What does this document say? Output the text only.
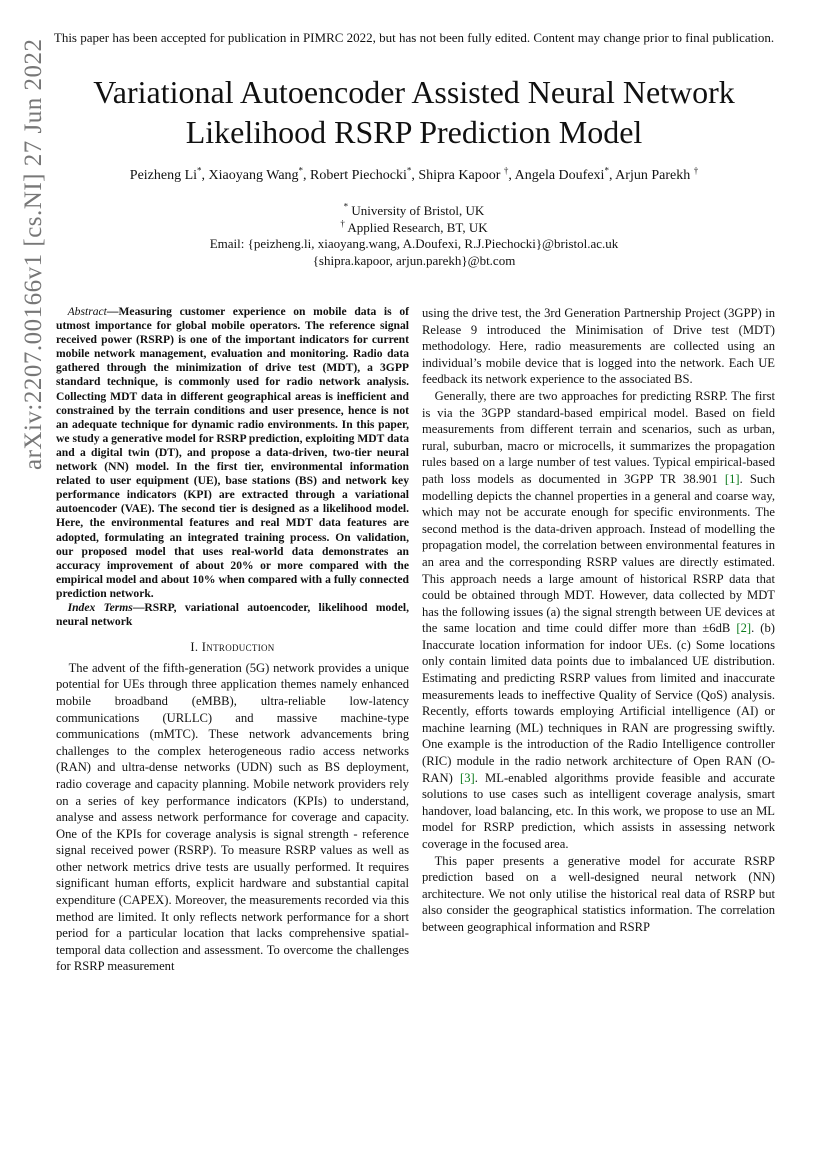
This paper has been accepted for publication in PIMRC 2022, but has not been fully edited. Content may change prior to final publication.
Variational Autoencoder Assisted Neural Network
Likelihood RSRP Prediction Model
Peizheng Li*, Xiaoyang Wang*, Robert Piechocki*, Shipra Kapoor †, Angela Doufexi*, Arjun Parekh †
* University of Bristol, UK
† Applied Research, BT, UK
Email: {peizheng.li, xiaoyang.wang, A.Doufexi, R.J.Piechocki}@bristol.ac.uk
{shipra.kapoor, arjun.parekh}@bt.com
arXiv:2207.00166v1 [cs.NI] 27 Jun 2022	Abstract—Measuring customer experience on mobile data is of utmost importance for global mobile operators. The reference signal received power (RSRP) is one of the important indicators for current mobile network management, evaluation and monitoring. Radio data gathered through the minimization of drive test (MDT), a 3GPP standard technique, is commonly used for radio network analysis. Collecting MDT data in different geographical areas is inefficient and constrained by the terrain conditions and user presence, hence is not an adequate technique for dynamic radio environments. In this paper, we study a generative model for RSRP prediction, exploiting MDT data and a digital twin (DT), and propose a data-driven, two-tier neural network (NN) model. In the first tier, environmental information related to user equipment (UE), base stations (BS) and network key performance indicators (KPI) are extracted through a variational autoencoder (VAE). The second tier is designed as a likelihood model. Here, the environmental features and real MDT data features are adopted, formulating an integrated training process. On validation, our proposed model that uses real-world data demonstrates an accuracy improvement of about 20% or more compared with the empirical model and about 10% when compared with a fully connected prediction network.

Index Terms—RSRP, variational autoencoder, likelihood model, neural network

I. Introduction

The advent of the fifth-generation (5G) network provides a unique potential for UEs through three application themes namely enhanced mobile broadband (eMBB), ultra-reliable low-latency communications (URLLC) and massive machine-type communications (mMTC). These network advancements bring challenges to the complex heterogeneous radio access networks (RAN) and ultra-dense networks (UDN) such as BS deployment, radio coverage and capacity planning. Mobile network providers rely on a series of key performance indicators (KPIs) to understand, analyse and assess network performance for coverage and capacity. One of the KPIs for coverage analysis is signal strength - reference signal received power (RSRP). To measure RSRP values as well as other network metrics drive tests are usually performed. It requires significant human efforts, explicit hardware and substantial capital expenditure (CAPEX). Moreover, the measurements recorded via this method are limited. It only reflects network performance for a short period for a particular location that lacks comprehensive spatial-temporal data collection and assessment. To overcome the challenges for RSRP measurement

using the drive test, the 3rd Generation Partnership Project (3GPP) in Release 9 introduced the Minimisation of Drive test (MDT) methodology. Here, radio measurements are collected using an individual’s mobile device that is logged into the network. Each UE feedback its network experience to the associated BS.

Generally, there are two approaches for predicting RSRP. The first is via the 3GPP standard-based empirical model. Based on field measurements from different terrain and scenarios, such as urban, rural, suburban, macro or microcells, it summarizes the propagation rules based on a large number of test values. Typical empirical-based path loss models as documented in 3GPP TR 38.901 [1]. Such modelling depicts the channel properties in a general and coarse way, which may not be accurate enough for specific environments. The second method is the data-driven approach. Instead of modelling the propagation model, the correlation between environmental features in an area and the corresponding RSRP values are directly estimated. This approach needs a large amount of historical RSRP data that could be obtained through MDT. However, data collected by MDT has the following issues (a) the signal strength between UE devices at the same location and time could differ more than ±6dB [2]. (b) Inaccurate location information for indoor UEs. (c) Some locations only contain limited data points due to imbalanced UE distribution. Estimating and predicting RSRP values from limited and inaccurate measurements leads to ineffective Quality of Service (QoS) analysis. Recently, efforts towards employing Artificial intelligence (AI) or machine learning (ML) techniques in RAN are progressing swiftly. One example is the introduction of the Radio Intelligence controller (RIC) module in the radio network architecture of Open RAN (O-RAN) [3]. ML-enabled algorithms provide feasible and accurate solutions to use cases such as intelligent coverage analysis, smart handover, load balancing, etc. In this work, we propose to use an ML model for RSRP prediction, which assists in assessing network coverage in the focused area.

This paper presents a generative model for accurate RSRP prediction based on a well-designed neural network (NN) architecture. We not only utilise the historical real data of RSRP but also consider the geographical statistics information. The correlation between geographical information and RSRP
